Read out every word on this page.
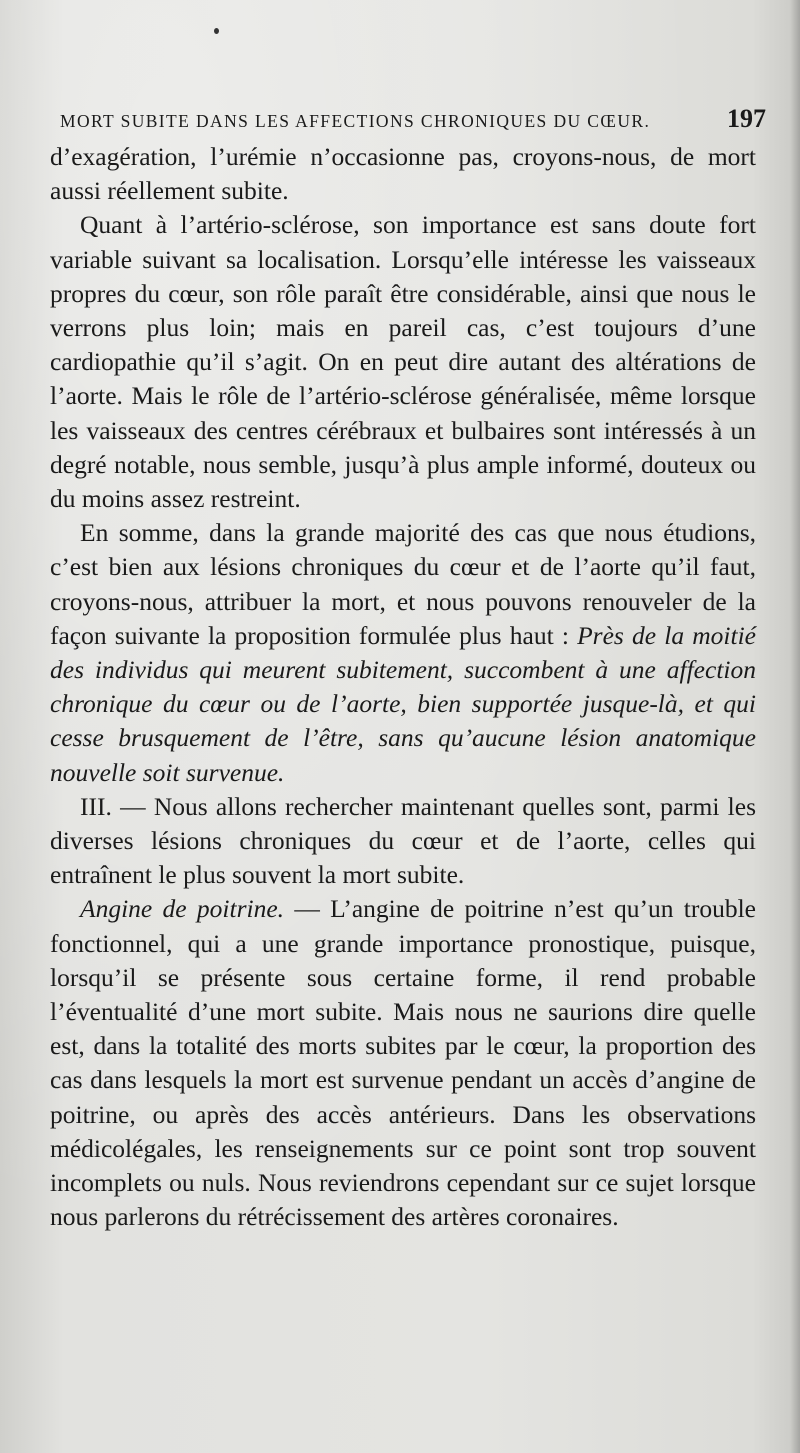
MORT SUBITE DANS LES AFFECTIONS CHRONIQUES DU CŒUR.	197

d’exagération, l’urémie n’occasionne pas, croyons-nous, de mort aussi réellement subite.

Quant à l’artério-sclérose, son importance est sans doute fort variable suivant sa localisation. Lorsqu’elle intéresse les vaisseaux propres du cœur, son rôle paraît être considérable, ainsi que nous le verrons plus loin; mais en pareil cas, c’est toujours d’une cardiopathie qu’il s’agit. On en peut dire autant des altérations de l’aorte. Mais le rôle de l’artério-sclérose généralisée, même lorsque les vaisseaux des centres cérébraux et bulbaires sont intéressés à un degré notable, nous semble, jusqu’à plus ample informé, douteux ou du moins assez restreint.

En somme, dans la grande majorité des cas que nous étudions, c’est bien aux lésions chroniques du cœur et de l’aorte qu’il faut, croyons-nous, attribuer la mort, et nous pouvons renouveler de la façon suivante la proposition formulée plus haut : Près de la moitié des individus qui meurent subitement, succombent à une affection chronique du cœur ou de l’aorte, bien supportée jusque-là, et qui cesse brusquement de l’être, sans qu’aucune lésion anatomique nouvelle soit survenue.

III. — Nous allons rechercher maintenant quelles sont, parmi les diverses lésions chroniques du cœur et de l’aorte, celles qui entraînent le plus souvent la mort subite.

Angine de poitrine. — L’angine de poitrine n’est qu’un trouble fonctionnel, qui a une grande importance pronostique, puisque, lorsqu’il se présente sous certaine forme, il rend probable l’éventualité d’une mort subite. Mais nous ne saurions dire quelle est, dans la totalité des morts subites par le cœur, la proportion des cas dans lesquels la mort est survenue pendant un accès d’angine de poitrine, ou après des accès antérieurs. Dans les observations médicolégales, les renseignements sur ce point sont trop souvent incomplets ou nuls. Nous reviendrons cependant sur ce sujet lorsque nous parlerons du rétrécissement des artères coronaires.
